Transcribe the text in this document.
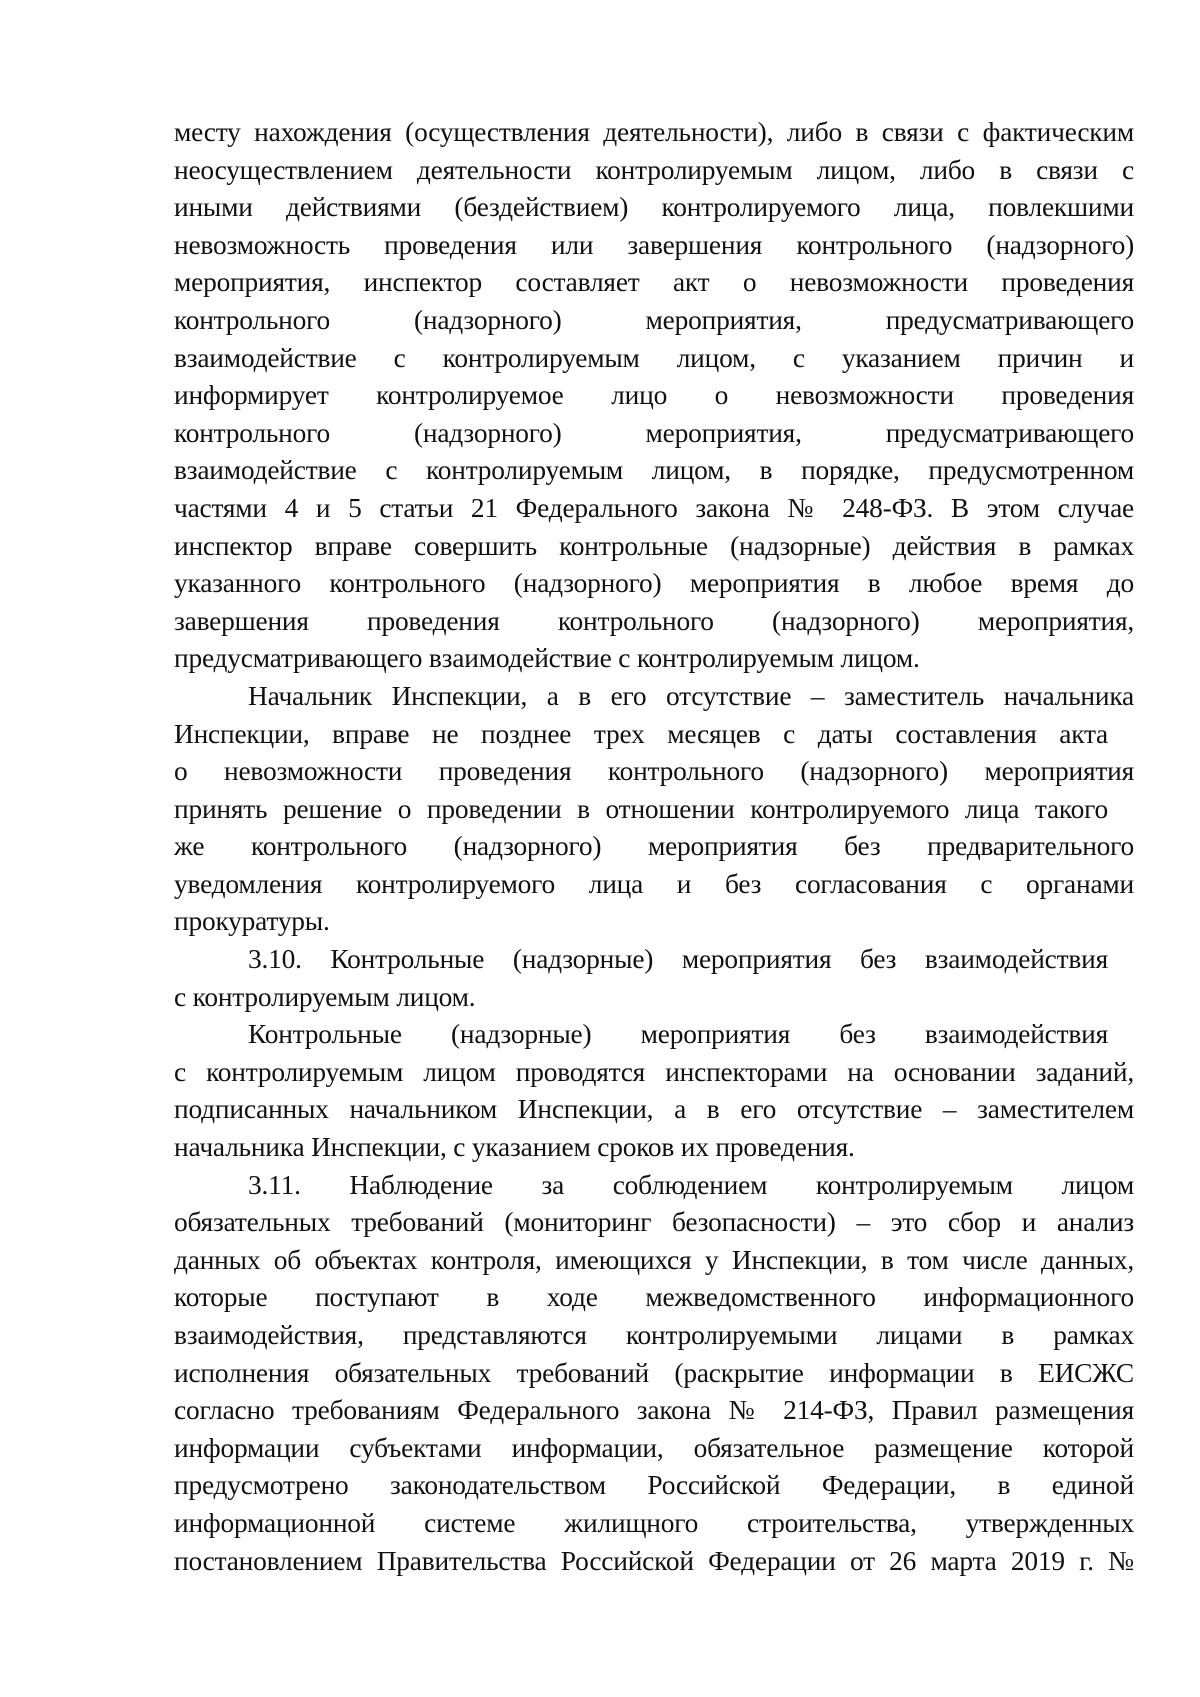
месту нахождения (осуществления деятельности), либо в связи с фактическим
неосуществлением деятельности контролируемым лицом, либо в связи с
иными действиями (бездействием) контролируемого лица, повлекшими
невозможность проведения или завершения контрольного (надзорного)
мероприятия, инспектор составляет акт о невозможности проведения
контрольного (надзорного) мероприятия, предусматривающего
взаимодействие с контролируемым лицом, с указанием причин и
информирует контролируемое лицо о невозможности проведения
контрольного (надзорного) мероприятия, предусматривающего
взаимодействие с контролируемым лицом, в порядке, предусмотренном
частями 4 и 5 статьи 21 Федерального закона № 248-ФЗ. В этом случае
инспектор вправе совершить контрольные (надзорные) действия в рамках
указанного контрольного (надзорного) мероприятия в любое время до
завершения проведения контрольного (надзорного) мероприятия,
предусматривающего взаимодействие с контролируемым лицом.
Начальник Инспекции, а в его отсутствие – заместитель начальника
Инспекции, вправе не позднее трех месяцев с даты составления акта
о невозможности проведения контрольного (надзорного) мероприятия
принять решение о проведении в отношении контролируемого лица такого
же контрольного (надзорного) мероприятия без предварительного
уведомления контролируемого лица и без согласования с органами
прокуратуры.
3.10. Контрольные (надзорные) мероприятия без взаимодействия
с контролируемым лицом.
Контрольные (надзорные) мероприятия без взаимодействия
с контролируемым лицом проводятся инспекторами на основании заданий,
подписанных начальником Инспекции, а в его отсутствие – заместителем
начальника Инспекции, с указанием сроков их проведения.
3.11. Наблюдение за соблюдением контролируемым лицом
обязательных требований (мониторинг безопасности) – это сбор и анализ
данных об объектах контроля, имеющихся у Инспекции, в том числе данных,
которые поступают в ходе межведомственного информационного
взаимодействия, представляются контролируемыми лицами в рамках
исполнения обязательных требований (раскрытие информации в ЕИСЖС
согласно требованиям Федерального закона № 214-ФЗ, Правил размещения
информации субъектами информации, обязательное размещение которой
предусмотрено законодательством Российской Федерации, в единой
информационной системе жилищного строительства, утвержденных
постановлением Правительства Российской Федерации от 26 марта 2019 г. №
